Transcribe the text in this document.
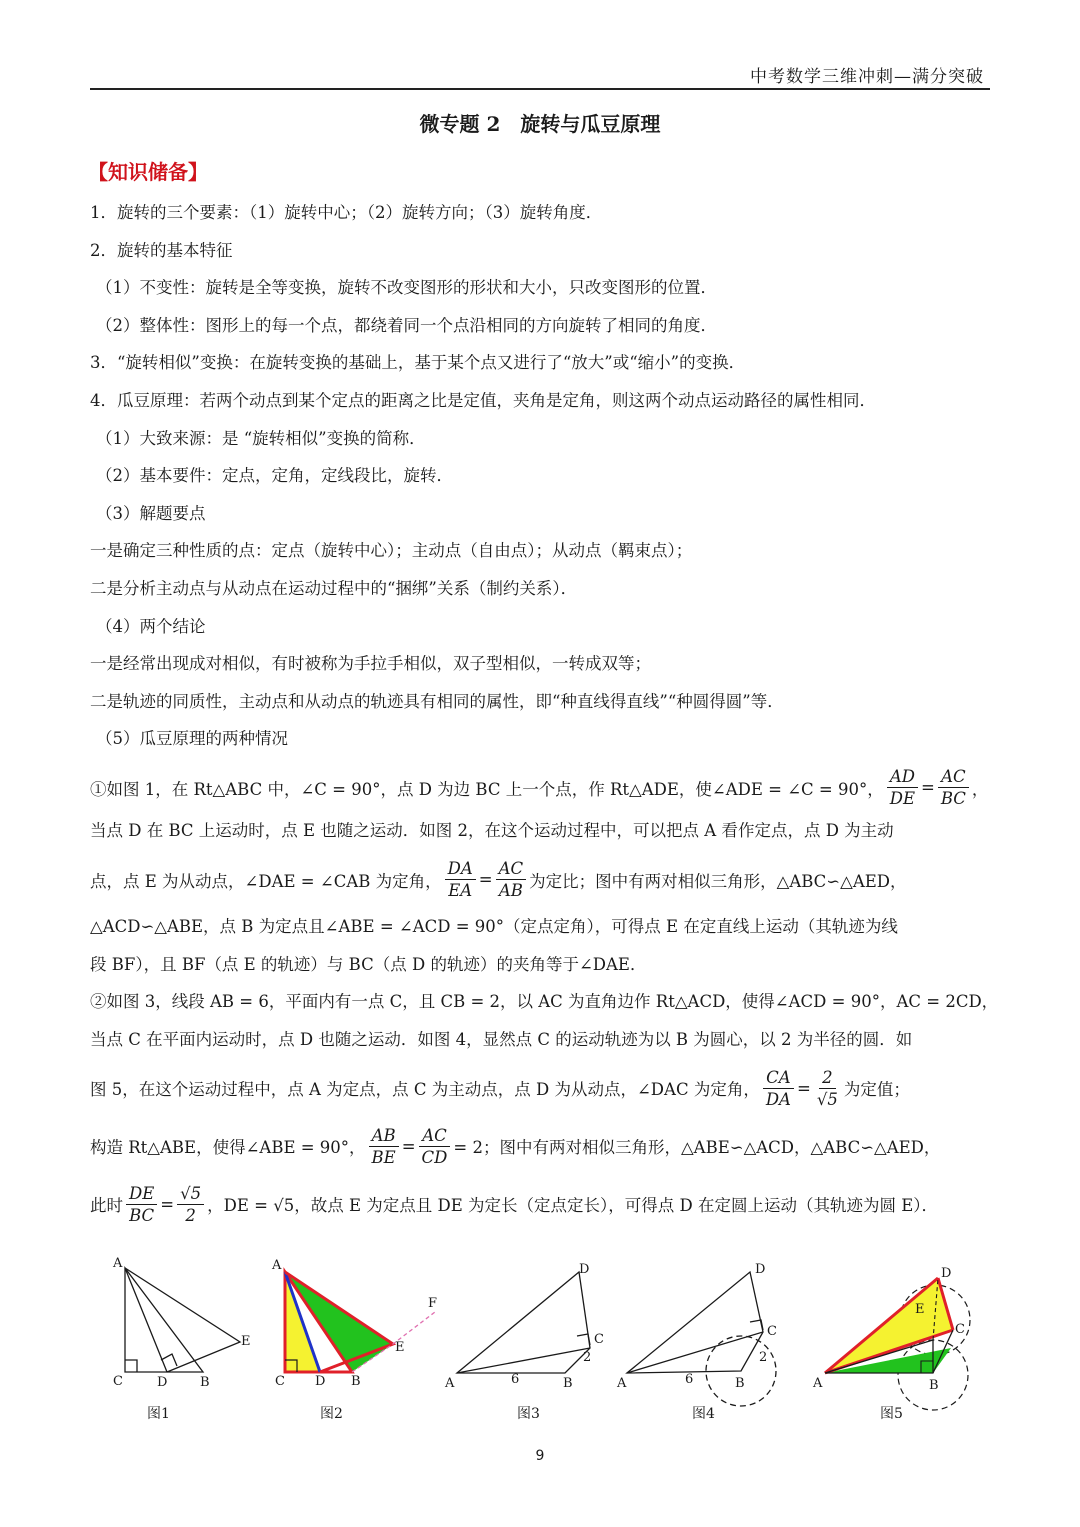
中考数学三维冲刺—满分突破
微专题 2　旋转与瓜豆原理
【知识储备】
1．旋转的三个要素：（1）旋转中心；（2）旋转方向；（3）旋转角度．
2．旋转的基本特征
（1）不变性：旋转是全等变换，旋转不改变图形的形状和大小，只改变图形的位置．
（2）整体性：图形上的每一个点，都绕着同一个点沿相同的方向旋转了相同的角度．
3．“旋转相似”变换：在旋转变换的基础上，基于某个点又进行了“放大”或“缩小”的变换．
4．瓜豆原理：若两个动点到某个定点的距离之比是定值，夹角是定角，则这两个动点运动路径的属性相同．
（1）大致来源：是 “旋转相似”变换的简称．
（2）基本要件：定点，定角，定线段比，旋转．
（3）解题要点
一是确定三种性质的点：定点（旋转中心）；主动点（自由点）；从动点（羁束点）；
二是分析主动点与从动点在运动过程中的“捆绑”关系（制约关系）．
（4）两个结论
一是经常出现成对相似，有时被称为手拉手相似，双子型相似，一转成双等；
二是轨迹的同质性，主动点和从动点的轨迹具有相同的属性，即“种直线得直线”“种圆得圆”等．
（5）瓜豆原理的两种情况
①如图 1，在 Rt△ABC 中，∠C = 90°，点 D 为边 BC 上一个点，作 Rt△ADE，使∠ADE = ∠C = 90°， $\frac{AD}{DE} = \frac{AC}{BC}$ ，
当点 D 在 BC 上运动时，点 E 也随之运动．如图 2，在这个运动过程中，可以把点 A 看作定点，点 D 为主动
点，点 E 为从动点，∠DAE = ∠CAB 为定角， $\frac{DA}{EA} = \frac{AC}{AB}$ 为定比；图中有两对相似三角形，△ABC∽△AED，
△ACD∽△ABE，点 B 为定点且∠ABE = ∠ACD = 90°（定点定角），可得点 E 在定直线上运动（其轨迹为线
段 BF），且 BF（点 E 的轨迹）与 BC（点 D 的轨迹）的夹角等于∠DAE．
②如图 3，线段 AB = 6，平面内有一点 C，且 CB = 2，以 AC 为直角边作 Rt△ACD，使得∠ACD = 90°，AC = 2CD，
当点 C 在平面内运动时，点 D 也随之运动．如图 4，显然点 C 的运动轨迹为以 B 为圆心，以 2 为半径的圆．如
图 5，在这个运动过程中，点 A 为定点，点 C 为主动点，点 D 为从动点，∠DAC 为定角， $\frac{CA}{DA} = \frac{2}{√5}$ 为定值；
构造 Rt△ABE，使得∠ABE = 90°， $\frac{AB}{BE} = \frac{AC}{CD} = 2$；图中有两对相似三角形，△ABE∽△ACD，△ABC∽△AED，
此时 $\frac{DE}{BC} = \frac{√5}{2}$ ，DE = √5，故点 E 为定点且 DE 为定长（定点定长），可得点 D 在定圆上运动（其轨迹为圆 E）．
A
C	D	B
E
A
C D B
E
F
A	6	B
2
C
D
A	6	B
2
C
D
A	B
C
D
E
图1	图2	图3	图4	图5
9
